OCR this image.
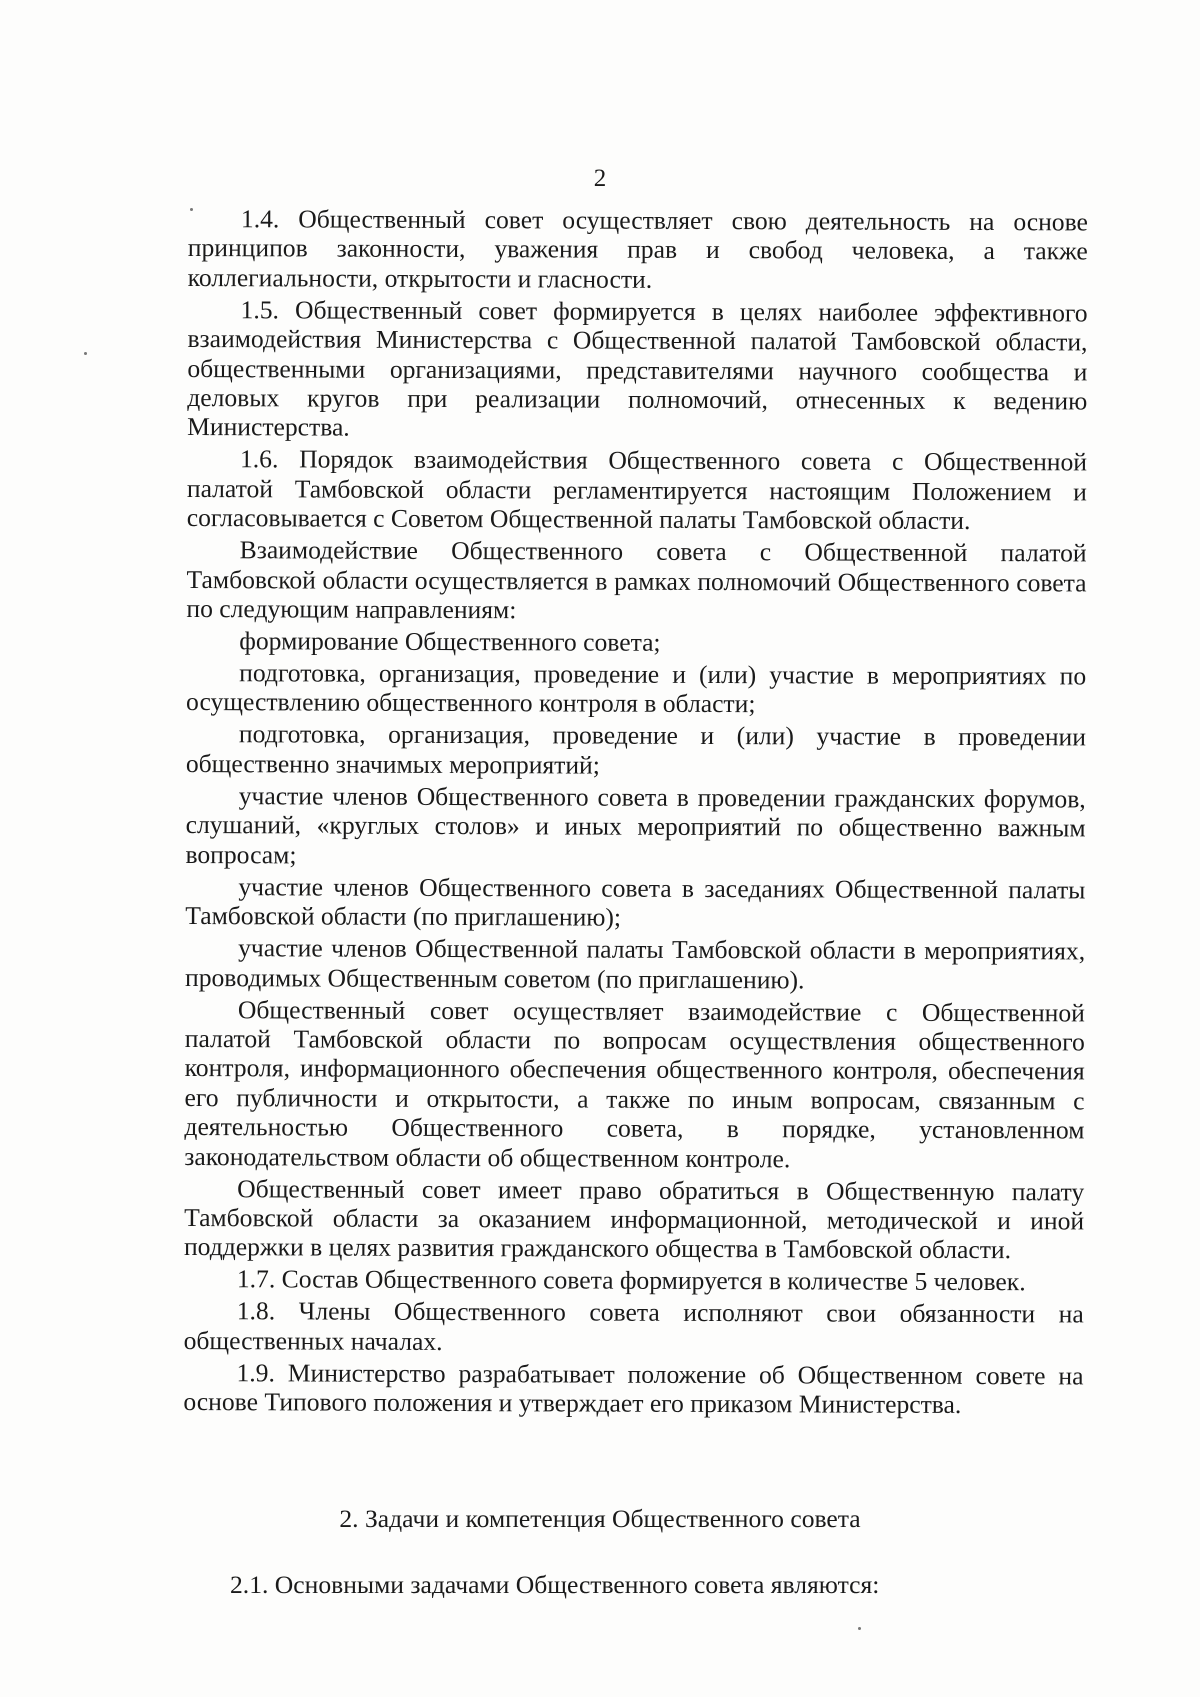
2

1.4. Общественный совет осуществляет свою деятельность на основе принципов законности, уважения прав и свобод человека, а также коллегиальности, открытости и гласности.

1.5. Общественный совет формируется в целях наиболее эффективного взаимодействия Министерства с Общественной палатой Тамбовской области, общественными организациями, представителями научного сообщества и деловых кругов при реализации полномочий, отнесенных к ведению Министерства.

1.6. Порядок взаимодействия Общественного совета с Общественной палатой Тамбовской области регламентируется настоящим Положением и согласовывается с Советом Общественной палаты Тамбовской области.

Взаимодействие Общественного совета с Общественной палатой Тамбовской области осуществляется в рамках полномочий Общественного совета по следующим направлениям:

формирование Общественного совета;

подготовка, организация, проведение и (или) участие в мероприятиях по осуществлению общественного контроля в области;

подготовка, организация, проведение и (или) участие в проведении общественно значимых мероприятий;

участие членов Общественного совета в проведении гражданских форумов, слушаний, «круглых столов» и иных мероприятий по общественно важным вопросам;

участие членов Общественного совета в заседаниях Общественной палаты Тамбовской области (по приглашению);

участие членов Общественной палаты Тамбовской области в мероприятиях, проводимых Общественным советом (по приглашению).

Общественный совет осуществляет взаимодействие с Общественной палатой Тамбовской области по вопросам осуществления общественного контроля, информационного обеспечения общественного контроля, обеспечения его публичности и открытости, а также по иным вопросам, связанным с деятельностью Общественного совета, в порядке, установленном законодательством области об общественном контроле.

Общественный совет имеет право обратиться в Общественную палату Тамбовской области за оказанием информационной, методической и иной поддержки в целях развития гражданского общества в Тамбовской области.

1.7. Состав Общественного совета формируется в количестве 5 человек.

1.8. Члены Общественного совета исполняют свои обязанности на общественных началах.

1.9. Министерство разрабатывает положение об Общественном совете на основе Типового положения и утверждает его приказом Министерства.

2. Задачи и компетенция Общественного совета
2.1. Основными задачами Общественного совета являются:
